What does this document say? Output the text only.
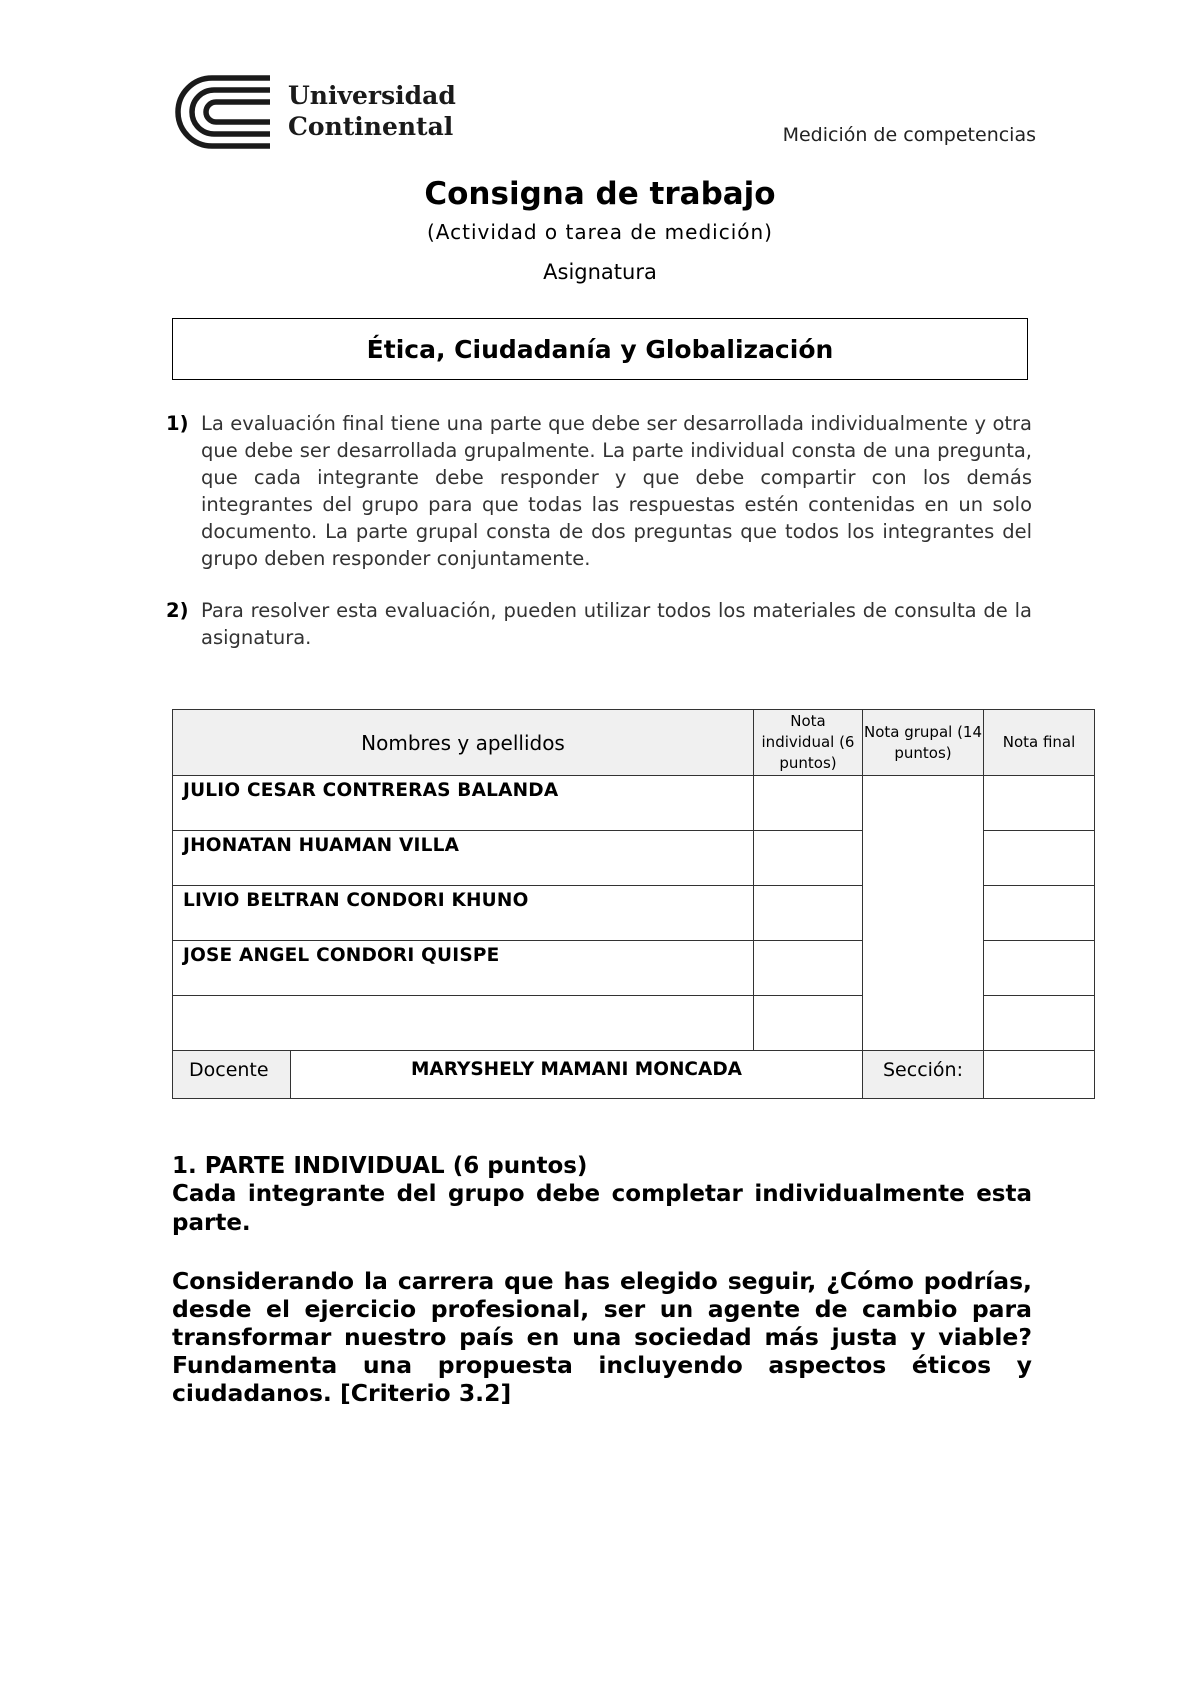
Universidad
Continental	Medición de competencias
Consigna de trabajo
(Actividad o tarea de medición)
Asignatura
Ética, Ciudadanía y Globalización
1) La evaluación final tiene una parte que debe ser desarrollada individualmente y otra que debe ser desarrollada grupalmente. La parte individual consta de una pregunta, que cada integrante debe responder y que debe compartir con los demás integrantes del grupo para que todas las respuestas estén contenidas en un solo documento. La parte grupal consta de dos preguntas que todos los integrantes del grupo deben responder conjuntamente.
2) Para resolver esta evaluación, pueden utilizar todos los materiales de consulta de la asignatura.
Nombres y apellidos		Nota individual (6 puntos)	Nota grupal (14 puntos)	Nota final
JULIO CESAR CONTRERAS BALANDA				
JHONATAN HUAMAN VILLA				
LIVIO BELTRAN CONDORI KHUNO				
JOSE ANGEL CONDORI QUISPE				

Docente	MARYSHELY MAMANI MONCADA		Sección:	
1. PARTE INDIVIDUAL (6 puntos)
Cada integrante del grupo debe completar individualmente esta parte.
Considerando la carrera que has elegido seguir, ¿Cómo podrías, desde el ejercicio profesional, ser un agente de cambio para transformar nuestro país en una sociedad más justa y viable? Fundamenta una propuesta incluyendo aspectos éticos y ciudadanos. [Criterio 3.2]
